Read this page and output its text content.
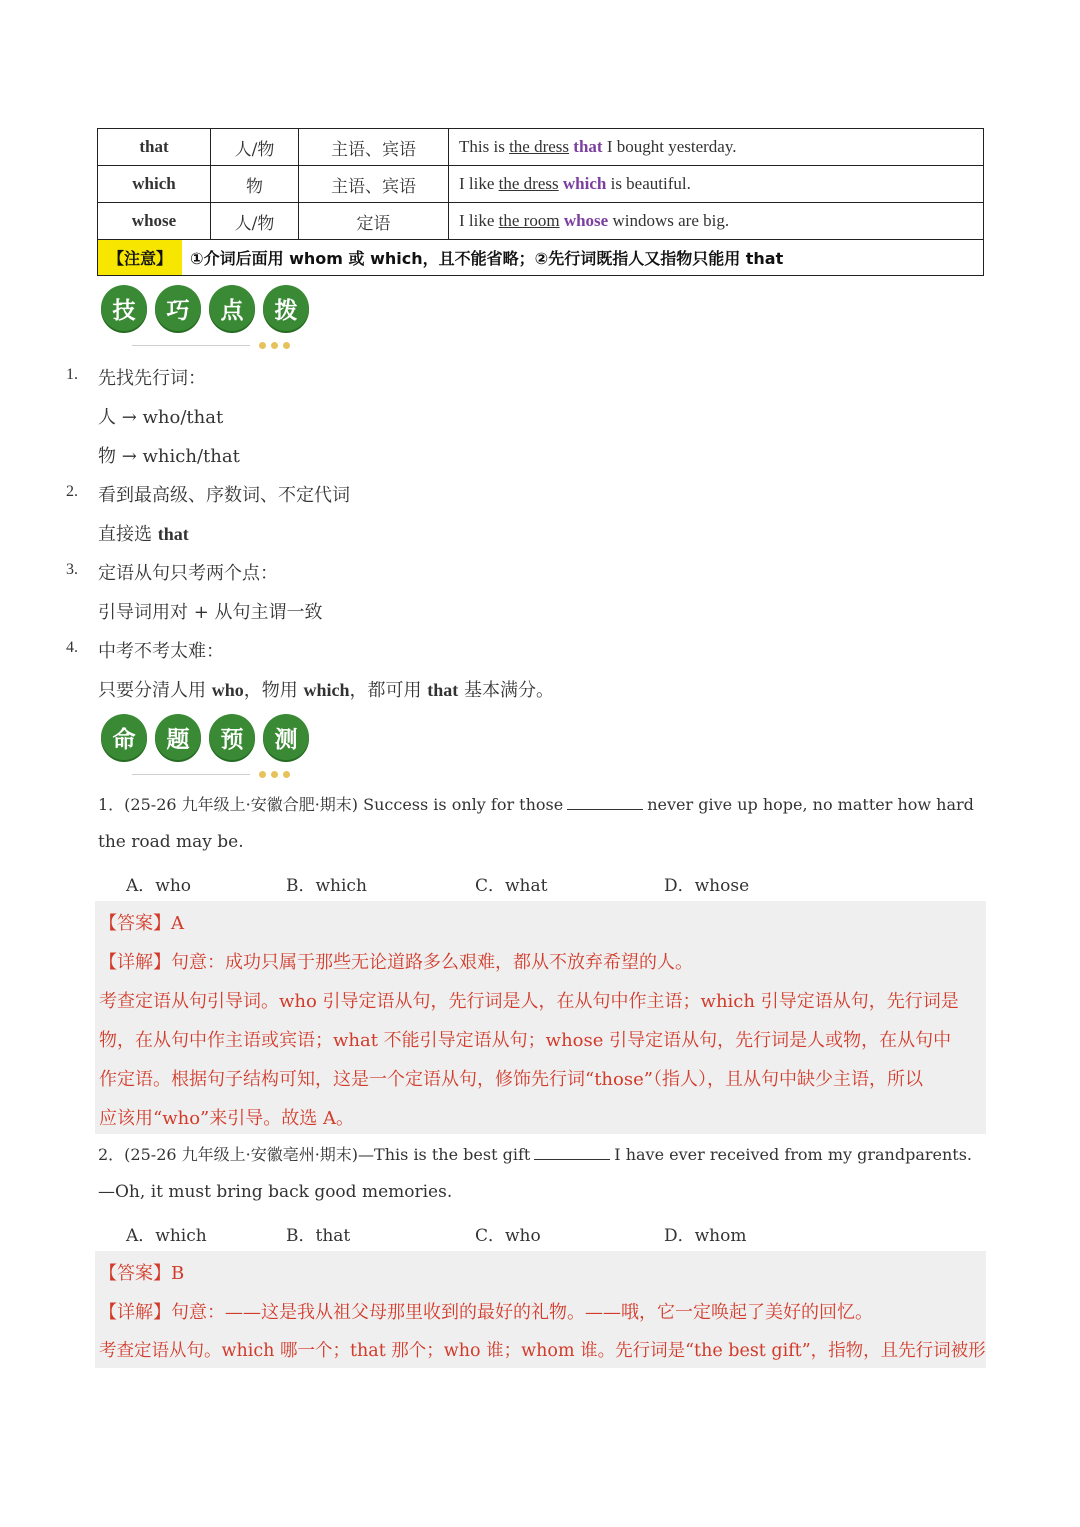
that	人/物	主语、宾语	This is the dress that I bought yesterday.
which	物	主语、宾语	I like the dress which is beautiful.
whose	人/物	定语	I like the room whose windows are big.

【注意】 ①介词后面用 whom 或 which，且不能省略；②先行词既指人又指物只能用 that			
技	巧	点	拨
1. 先找先行词：
人 → who/that
物 → which/that
2. 看到最高级、序数词、不定代词
直接选 that
3. 定语从句只考两个点：
引导词用对 + 从句主谓一致
4. 中考不考太难：
只要分清人用 who，物用 which，都可用 that 基本满分。
命	题	预	测
1．(25-26 九年级上·安徽合肥·期末) Success is only for those	never give up hope, no matter how hard
the road may be.
A．who	B．which	C．what	D．whose
【答案】A
【详解】句意：成功只属于那些无论道路多么艰难，都从不放弃希望的人。
考查定语从句引导词。who 引导定语从句，先行词是人，在从句中作主语；which 引导定语从句，先行词是
物，在从句中作主语或宾语；what 不能引导定语从句；whose 引导定语从句，先行词是人或物，在从句中
作定语。根据句子结构可知，这是一个定语从句，修饰先行词“those”（指人），且从句中缺少主语，所以
应该用“who”来引导。故选 A。
2．(25-26 九年级上·安徽亳州·期末)—This is the best gift	I have ever received from my grandparents.
—Oh, it must bring back good memories.
A．which	B．that	C．who	D．whom
【答案】B
【详解】句意：——这是我从祖父母那里收到的最好的礼物。——哦，它一定唤起了美好的回忆。
考查定语从句。which 哪一个；that 那个；who 谁；whom 谁。先行词是“the best gift”，指物，且先行词被形
